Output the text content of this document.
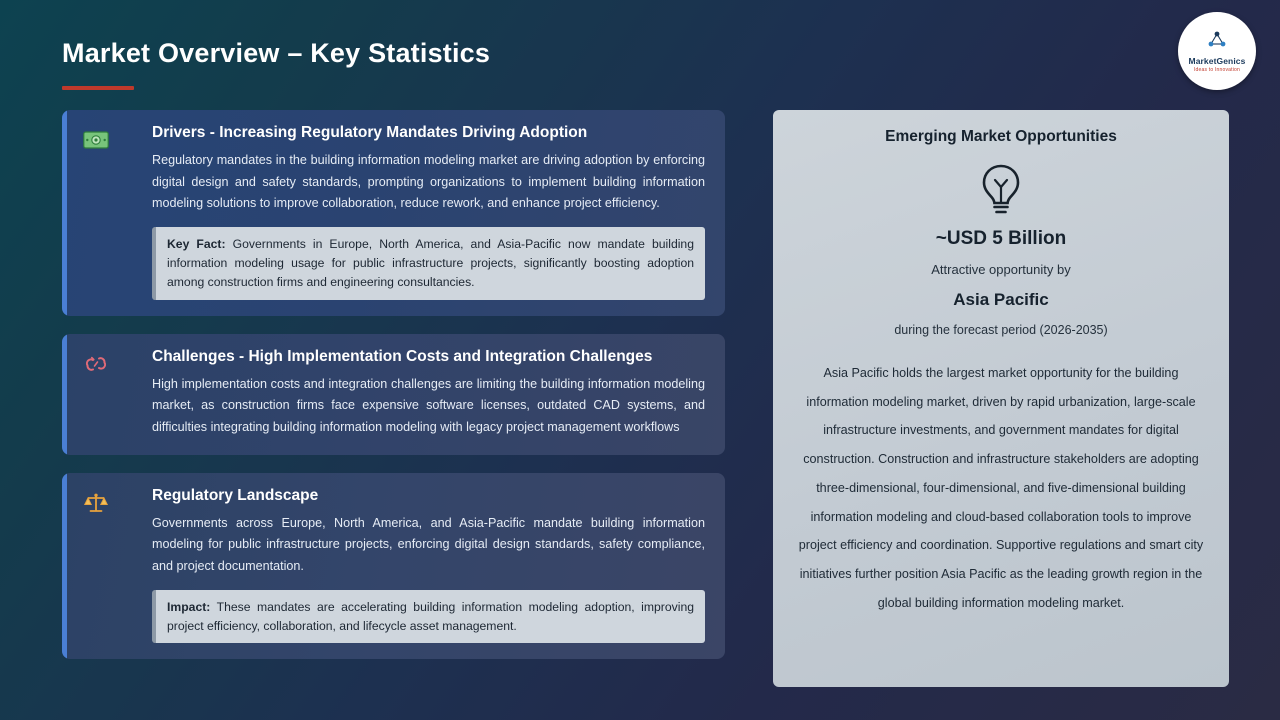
Market Overview – Key Statistics	MarketGenics
Ideas to Innovation
Drivers - Increasing Regulatory Mandates Driving Adoption
Regulatory mandates in the building information modeling market are driving adoption by enforcing digital design and safety standards, prompting organizations to implement building information modeling solutions to improve collaboration, reduce rework, and enhance project efficiency.
Key Fact: Governments in Europe, North America, and Asia-Pacific now mandate building information modeling usage for public infrastructure projects, significantly boosting adoption among construction firms and engineering consultancies.
Challenges - High Implementation Costs and Integration Challenges
High implementation costs and integration challenges are limiting the building information modeling market, as construction firms face expensive software licenses, outdated CAD systems, and difficulties integrating building information modeling with legacy project management workflows
Regulatory Landscape
Governments across Europe, North America, and Asia-Pacific mandate building information modeling for public infrastructure projects, enforcing digital design standards, safety compliance, and project documentation.
Impact: These mandates are accelerating building information modeling adoption, improving project efficiency, collaboration, and lifecycle asset management.
Emerging Market Opportunities
~USD 5 Billion
Attractive opportunity by
Asia Pacific
during the forecast period (2026-2035)
Asia Pacific holds the largest market opportunity for the building information modeling market, driven by rapid urbanization, large-scale infrastructure investments, and government mandates for digital construction. Construction and infrastructure stakeholders are adopting three-dimensional, four-dimensional, and five-dimensional building information modeling and cloud-based collaboration tools to improve project efficiency and coordination. Supportive regulations and smart city initiatives further position Asia Pacific as the leading growth region in the global building information modeling market.
